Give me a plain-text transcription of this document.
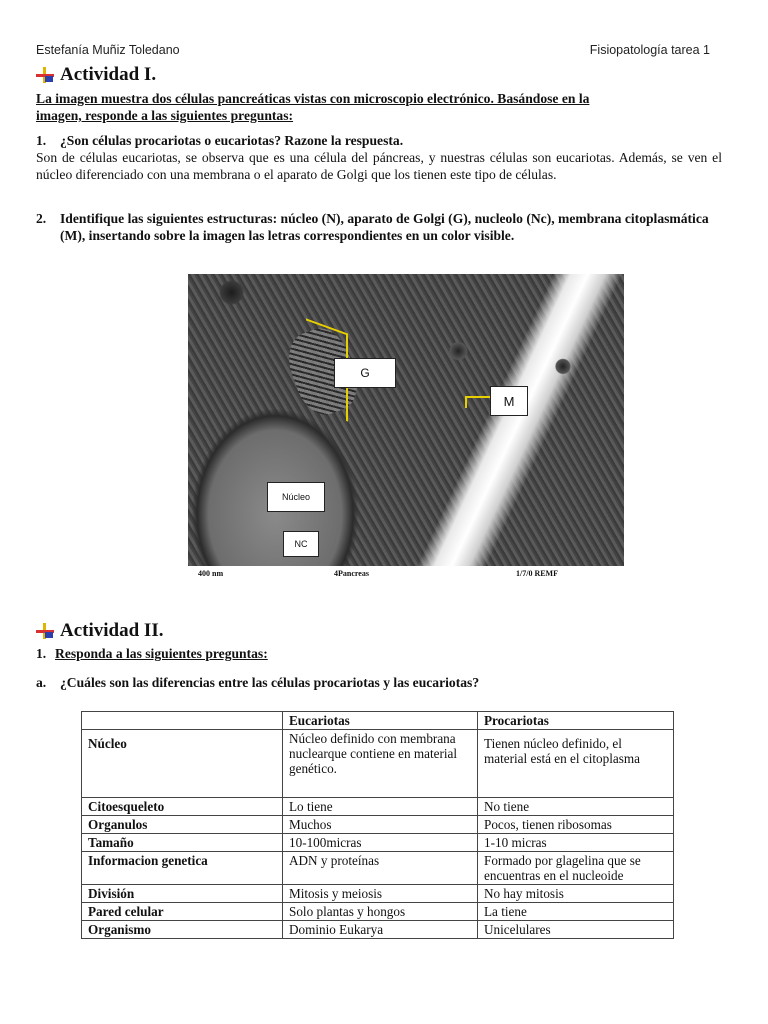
Estefanía Muñiz Toledano	Fisiopatología tarea 1
Actividad I.
La imagen muestra dos células pancreáticas vistas con microscopio electrónico. Basándose en la
imagen, responde a las siguientes preguntas:
1.	¿Son células procariotas o eucariotas? Razone la respuesta.
Son de células eucariotas, se observa que es una célula del páncreas, y nuestras células son eucariotas. Además, se ven el núcleo diferenciado con una membrana o el aparato de Golgi que los tienen este tipo de células.
2.	Identifique las siguientes estructuras: núcleo (N), aparato de Golgi (G), nucleolo (Nc), membrana citoplasmática (M), insertando sobre la imagen las letras correspondientes en un color visible.
G
M
Núcleo
NC
400 nm	4Pancreas	1/7/0 REMF
Actividad II.
1. Responda a las siguientes preguntas:
a.	¿Cuáles son las diferencias entre las células procariotas y las eucariotas?
	Eucariotas	Procariotas
Núcleo	Núcleo definido con membrana nuclearque contiene en material genético.	Tienen núcleo definido, el material está en el citoplasma
Citoesqueleto	Lo tiene	No tiene
Organulos	Muchos	Pocos, tienen ribosomas
Tamaño	10-100micras	1-10 micras
Informacion genetica	ADN y proteínas	Formado por glagelina que se encuentras en el nucleoide
División	Mitosis y meiosis	No hay mitosis
Pared celular	Solo plantas y hongos	La tiene
Organismo	Dominio Eukarya	Unicelulares
